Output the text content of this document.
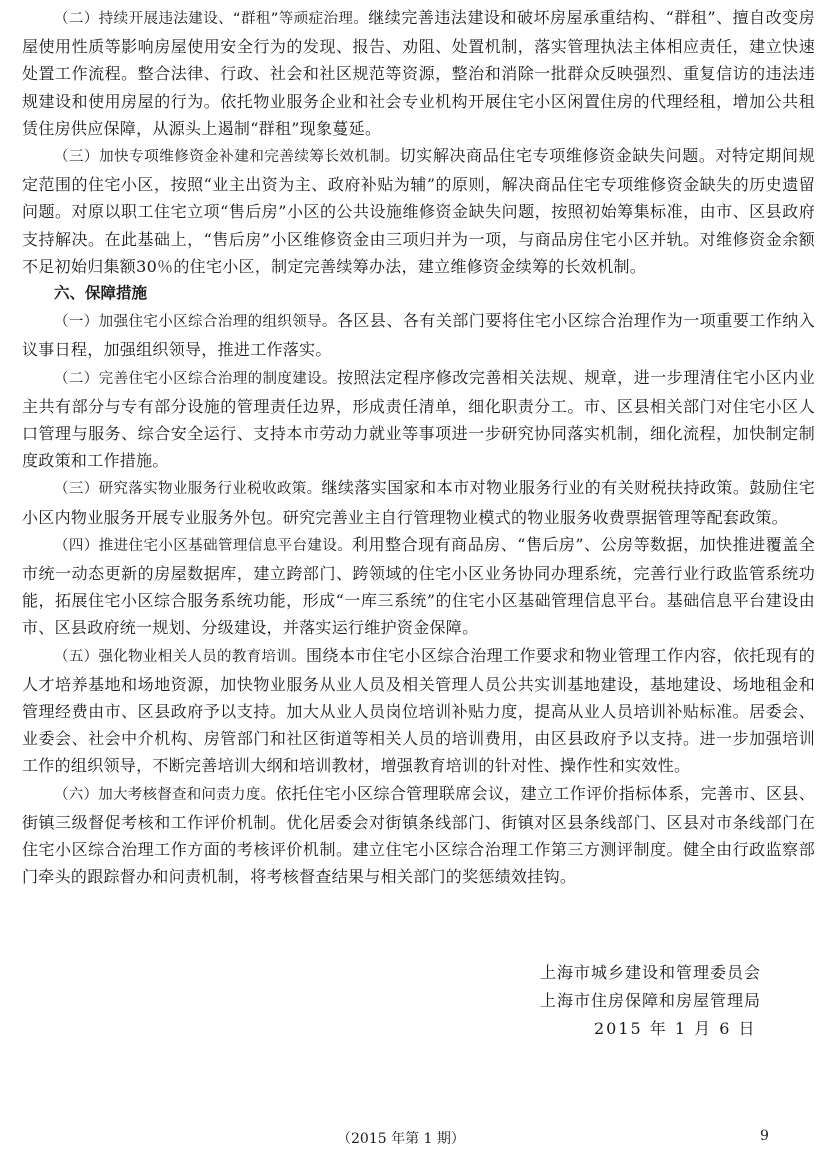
（二）持续开展违法建设、“群租”等顽症治理。继续完善违法建设和破坏房屋承重结构、“群租”、擅自改变房屋使用性质等影响房屋使用安全行为的发现、报告、劝阻、处置机制，落实管理执法主体相应责任，建立快速处置工作流程。整合法律、行政、社会和社区规范等资源，整治和消除一批群众反映强烈、重复信访的违法违规建设和使用房屋的行为。依托物业服务企业和社会专业机构开展住宅小区闲置住房的代理经租，增加公共租赁住房供应保障，从源头上遏制“群租”现象蔓延。

（三）加快专项维修资金补建和完善续筹长效机制。切实解决商品住宅专项维修资金缺失问题。对特定期间规定范围的住宅小区，按照“业主出资为主、政府补贴为辅”的原则，解决商品住宅专项维修资金缺失的历史遗留问题。对原以职工住宅立项“售后房”小区的公共设施维修资金缺失问题，按照初始筹集标准，由市、区县政府支持解决。在此基础上，“售后房”小区维修资金由三项归并为一项，与商品房住宅小区并轨。对维修资金余额不足初始归集额30％的住宅小区，制定完善续筹办法，建立维修资金续筹的长效机制。

六、保障措施

（一）加强住宅小区综合治理的组织领导。各区县、各有关部门要将住宅小区综合治理作为一项重要工作纳入议事日程，加强组织领导，推进工作落实。

（二）完善住宅小区综合治理的制度建设。按照法定程序修改完善相关法规、规章，进一步理清住宅小区内业主共有部分与专有部分设施的管理责任边界，形成责任清单，细化职责分工。市、区县相关部门对住宅小区人口管理与服务、综合安全运行、支持本市劳动力就业等事项进一步研究协同落实机制，细化流程，加快制定制度政策和工作措施。

（三）研究落实物业服务行业税收政策。继续落实国家和本市对物业服务行业的有关财税扶持政策。鼓励住宅小区内物业服务开展专业服务外包。研究完善业主自行管理物业模式的物业服务收费票据管理等配套政策。

（四）推进住宅小区基础管理信息平台建设。利用整合现有商品房、“售后房”、公房等数据，加快推进覆盖全市统一动态更新的房屋数据库，建立跨部门、跨领域的住宅小区业务协同办理系统，完善行业行政监管系统功能，拓展住宅小区综合服务系统功能，形成“一库三系统”的住宅小区基础管理信息平台。基础信息平台建设由市、区县政府统一规划、分级建设，并落实运行维护资金保障。

（五）强化物业相关人员的教育培训。围绕本市住宅小区综合治理工作要求和物业管理工作内容，依托现有的人才培养基地和场地资源，加快物业服务从业人员及相关管理人员公共实训基地建设，基地建设、场地租金和管理经费由市、区县政府予以支持。加大从业人员岗位培训补贴力度，提高从业人员培训补贴标准。居委会、业委会、社会中介机构、房管部门和社区街道等相关人员的培训费用，由区县政府予以支持。进一步加强培训工作的组织领导，不断完善培训大纲和培训教材，增强教育培训的针对性、操作性和实效性。

（六）加大考核督查和问责力度。依托住宅小区综合管理联席会议，建立工作评价指标体系，完善市、区县、街镇三级督促考核和工作评价机制。优化居委会对街镇条线部门、街镇对区县条线部门、区县对市条线部门在住宅小区综合治理工作方面的考核评价机制。建立住宅小区综合治理工作第三方测评制度。健全由行政监察部门牵头的跟踪督办和问责机制，将考核督查结果与相关部门的奖惩绩效挂钩。

上海市城乡建设和管理委员会
上海市住房保障和房屋管理局
2015 年 1 月 6 日
（2015 年第 1 期）	9
